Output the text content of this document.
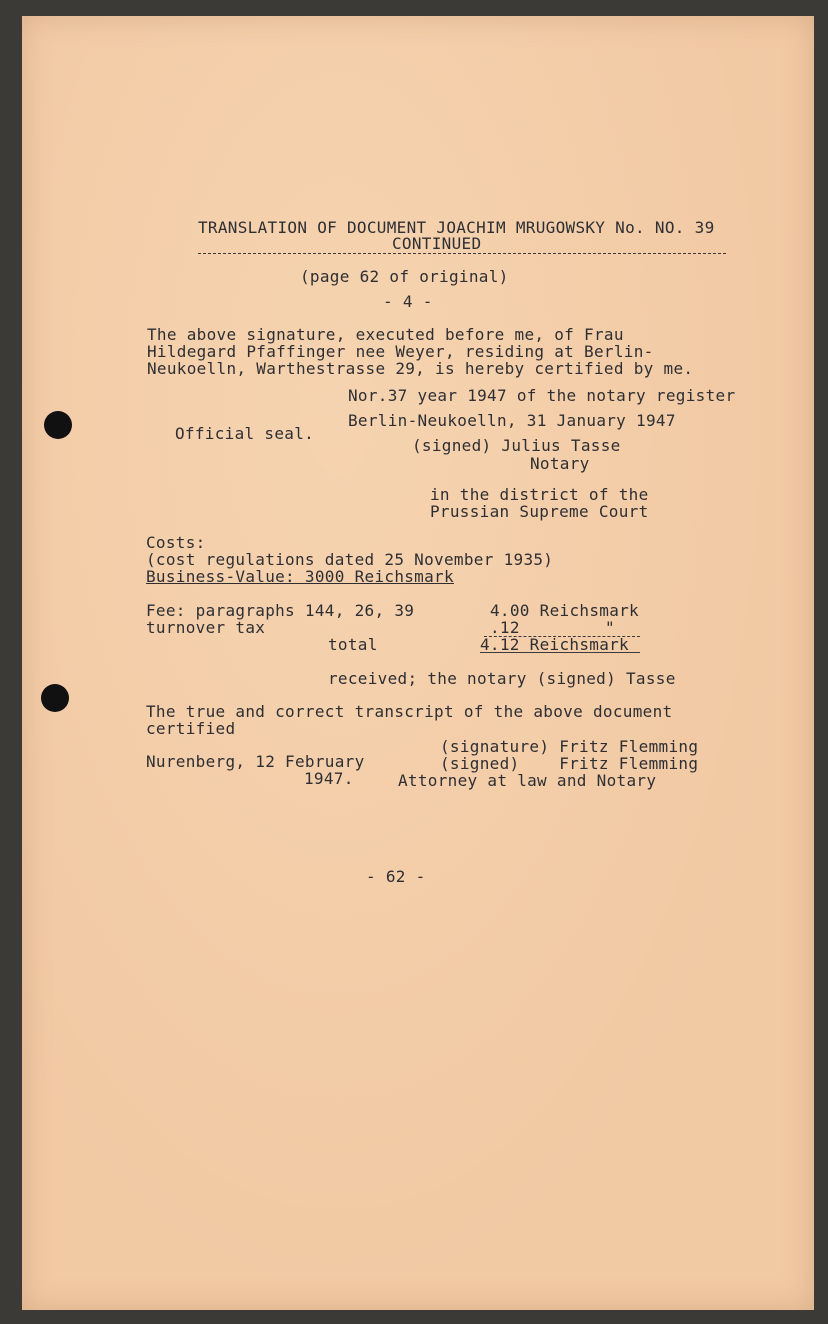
TRANSLATION OF DOCUMENT JOACHIM MRUGOWSKY No. NO. 39
CONTINUED
(page 62 of original)
- 4 -
The above signature, executed before me, of Frau
Hildegard Pfaffinger nee Weyer, residing at Berlin-
Neukoelln, Warthestrasse 29, is hereby certified by me.
Nor.37 year 1947 of the notary register
Berlin-Neukoelln, 31 January 1947
Official seal.
(signed) Julius Tasse
Notary
in the district of the
Prussian Supreme Court
Costs:
(cost regulations dated 25 November 1935)
Business-Value: 3000 Reichsmark
Fee: paragraphs 144, 26, 39	4.00 Reichsmark
turnover tax	.12	"
total	4.12 Reichsmark
received; the notary (signed) Tasse
The true and correct transcript of the above document
certified
(signature) Fritz Flemming
Nurenberg, 12 February	(signed)    Fritz Flemming
1947.	Attorney at law and Notary
- 62 -
